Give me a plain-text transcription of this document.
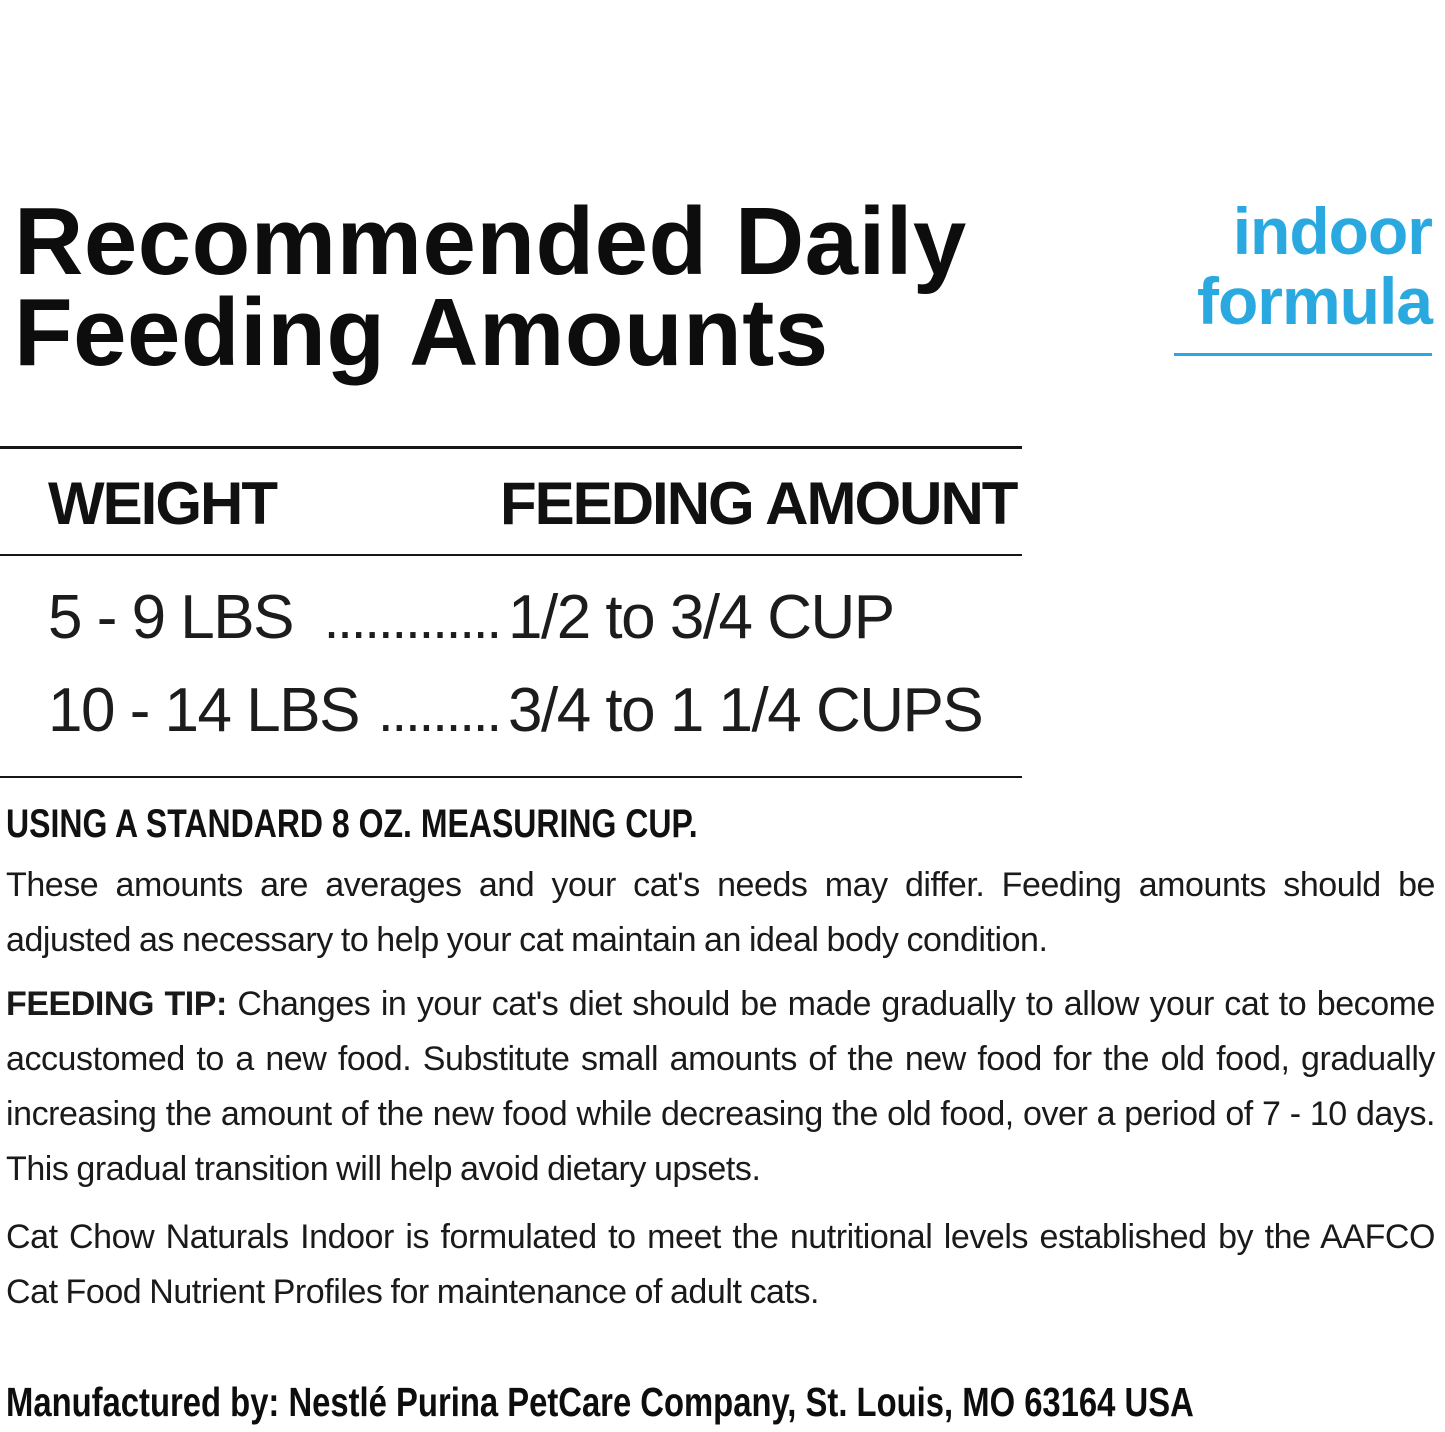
indoor
formula
Recommended Daily
Feeding Amounts
WEIGHT	FEEDING AMOUNT
5 - 9 LBS ............. 1/2 to 3/4 CUP
10 - 14 LBS ......... 3/4 to 1 1/4 CUPS
USING A STANDARD 8 OZ. MEASURING CUP.

These amounts are averages and your cat's needs may differ. Feeding amounts should be adjusted as necessary to help your cat maintain an ideal body condition.

FEEDING TIP: Changes in your cat's diet should be made gradually to allow your cat to become accustomed to a new food. Substitute small amounts of the new food for the old food, gradually increasing the amount of the new food while decreasing the old food, over a period of 7 - 10 days. This gradual transition will help avoid dietary upsets.

Cat Chow Naturals Indoor is formulated to meet the nutritional levels established by the AAFCO Cat Food Nutrient Profiles for maintenance of adult cats.

Manufactured by: Nestlé Purina PetCare Company, St. Louis, MO 63164 USA
